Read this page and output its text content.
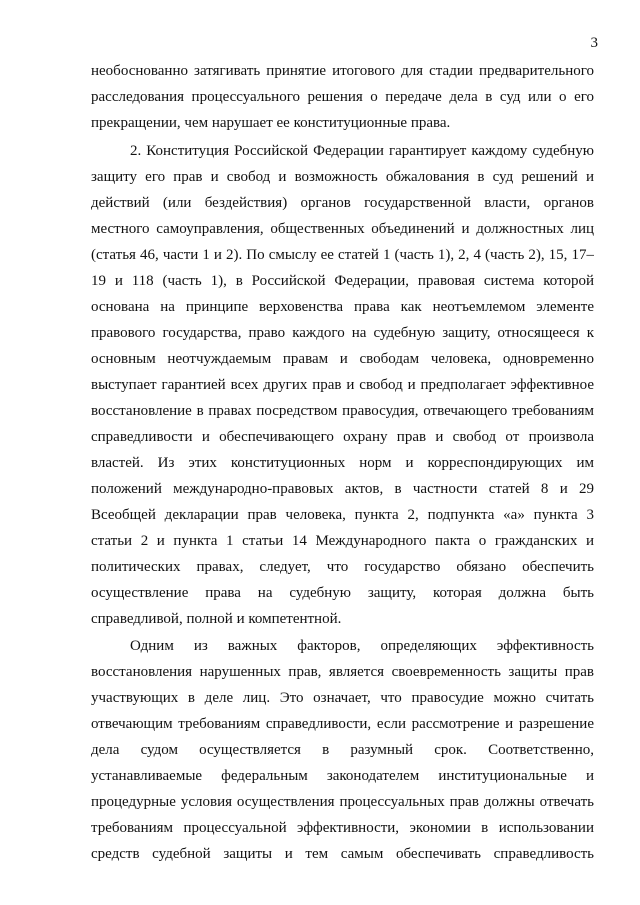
3
необоснованно затягивать принятие итогового для стадии предварительного
расследования процессуального решения о передаче дела в суд или о его
прекращении, чем нарушает ее конституционные права.
2. Конституция Российской Федерации гарантирует каждому судебную
защиту его прав и свобод и возможность обжалования в суд решений и
действий (или бездействия) органов государственной власти, органов
местного самоуправления, общественных объединений и должностных лиц
(статья 46, части 1 и 2). По смыслу ее статей 1 (часть 1), 2, 4 (часть 2), 15, 17–
19 и 118 (часть 1), в Российской Федерации, правовая система которой
основана на принципе верховенства права как неотъемлемом элементе
правового государства, право каждого на судебную защиту, относящееся к
основным неотчуждаемым правам и свободам человека, одновременно
выступает гарантией всех других прав и свобод и предполагает эффективное
восстановление в правах посредством правосудия, отвечающего требованиям
справедливости и обеспечивающего охрану прав и свобод от произвола
властей. Из этих конституционных норм и корреспондирующих им
положений международно-правовых актов, в частности статей 8 и 29
Всеобщей декларации прав человека, пункта 2, подпункта «а» пункта 3
статьи 2 и пункта 1 статьи 14 Международного пакта о гражданских и
политических правах, следует, что государство обязано обеспечить
осуществление права на судебную защиту, которая должна быть
справедливой, полной и компетентной.
Одним из важных факторов, определяющих эффективность
восстановления нарушенных прав, является своевременность защиты прав
участвующих в деле лиц. Это означает, что правосудие можно считать
отвечающим требованиям справедливости, если рассмотрение и разрешение
дела судом осуществляется в разумный срок. Соответственно,
устанавливаемые федеральным законодателем институциональные и
процедурные условия осуществления процессуальных прав должны отвечать
требованиям процессуальной эффективности, экономии в использовании
средств судебной защиты и тем самым обеспечивать справедливость
